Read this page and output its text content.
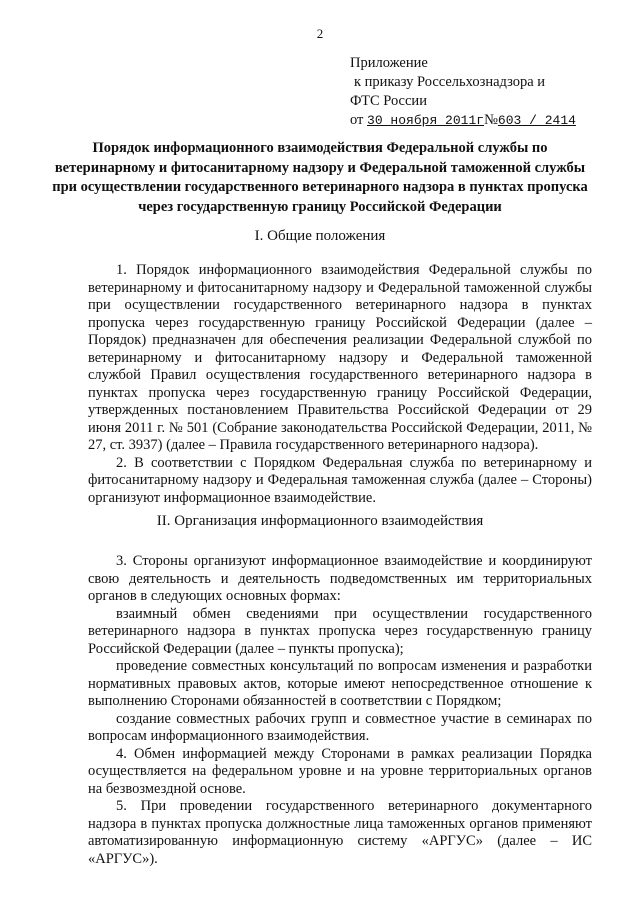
2
Приложение
к приказу Россельхознадзора и
ФТС России
от 30 ноября 2011г№603 / 2414
Порядок информационного взаимодействия Федеральной службы по ветеринарному и фитосанитарному надзору и Федеральной таможенной службы при осуществлении государственного ветеринарного надзора в пунктах пропуска через государственную границу Российской Федерации
I. Общие положения

1. Порядок информационного взаимодействия Федеральной службы по ветеринарному и фитосанитарному надзору и Федеральной таможенной службы при осуществлении государственного ветеринарного надзора в пунктах пропуска через государственную границу Российской Федерации (далее – Порядок) предназначен для обеспечения реализации Федеральной службой по ветеринарному и фитосанитарному надзору и Федеральной таможенной службой Правил осуществления государственного ветеринарного надзора в пунктах пропуска через государственную границу Российской Федерации, утвержденных постановлением Правительства Российской Федерации от 29 июня 2011 г. № 501 (Собрание законодательства Российской Федерации, 2011, № 27, ст. 3937) (далее – Правила государственного ветеринарного надзора).

2. В соответствии с Порядком Федеральная служба по ветеринарному и фитосанитарному надзору и Федеральная таможенная служба (далее – Стороны) организуют информационное взаимодействие.

II. Организация информационного взаимодействия

3. Стороны организуют информационное взаимодействие и координируют свою деятельность и деятельность подведомственных им территориальных органов в следующих основных формах:

взаимный обмен сведениями при осуществлении государственного ветеринарного надзора в пунктах пропуска через государственную границу Российской Федерации (далее – пункты пропуска);

проведение совместных консультаций по вопросам изменения и разработки нормативных правовых актов, которые имеют непосредственное отношение к выполнению Сторонами обязанностей в соответствии с Порядком;

создание совместных рабочих групп и совместное участие в семинарах по вопросам информационного взаимодействия.

4. Обмен информацией между Сторонами в рамках реализации Порядка осуществляется на федеральном уровне и на уровне территориальных органов на безвозмездной основе.

5. При проведении государственного ветеринарного документарного надзора в пунктах пропуска должностные лица таможенных органов применяют автоматизированную информационную систему «АРГУС» (далее – ИС «АРГУС»).
